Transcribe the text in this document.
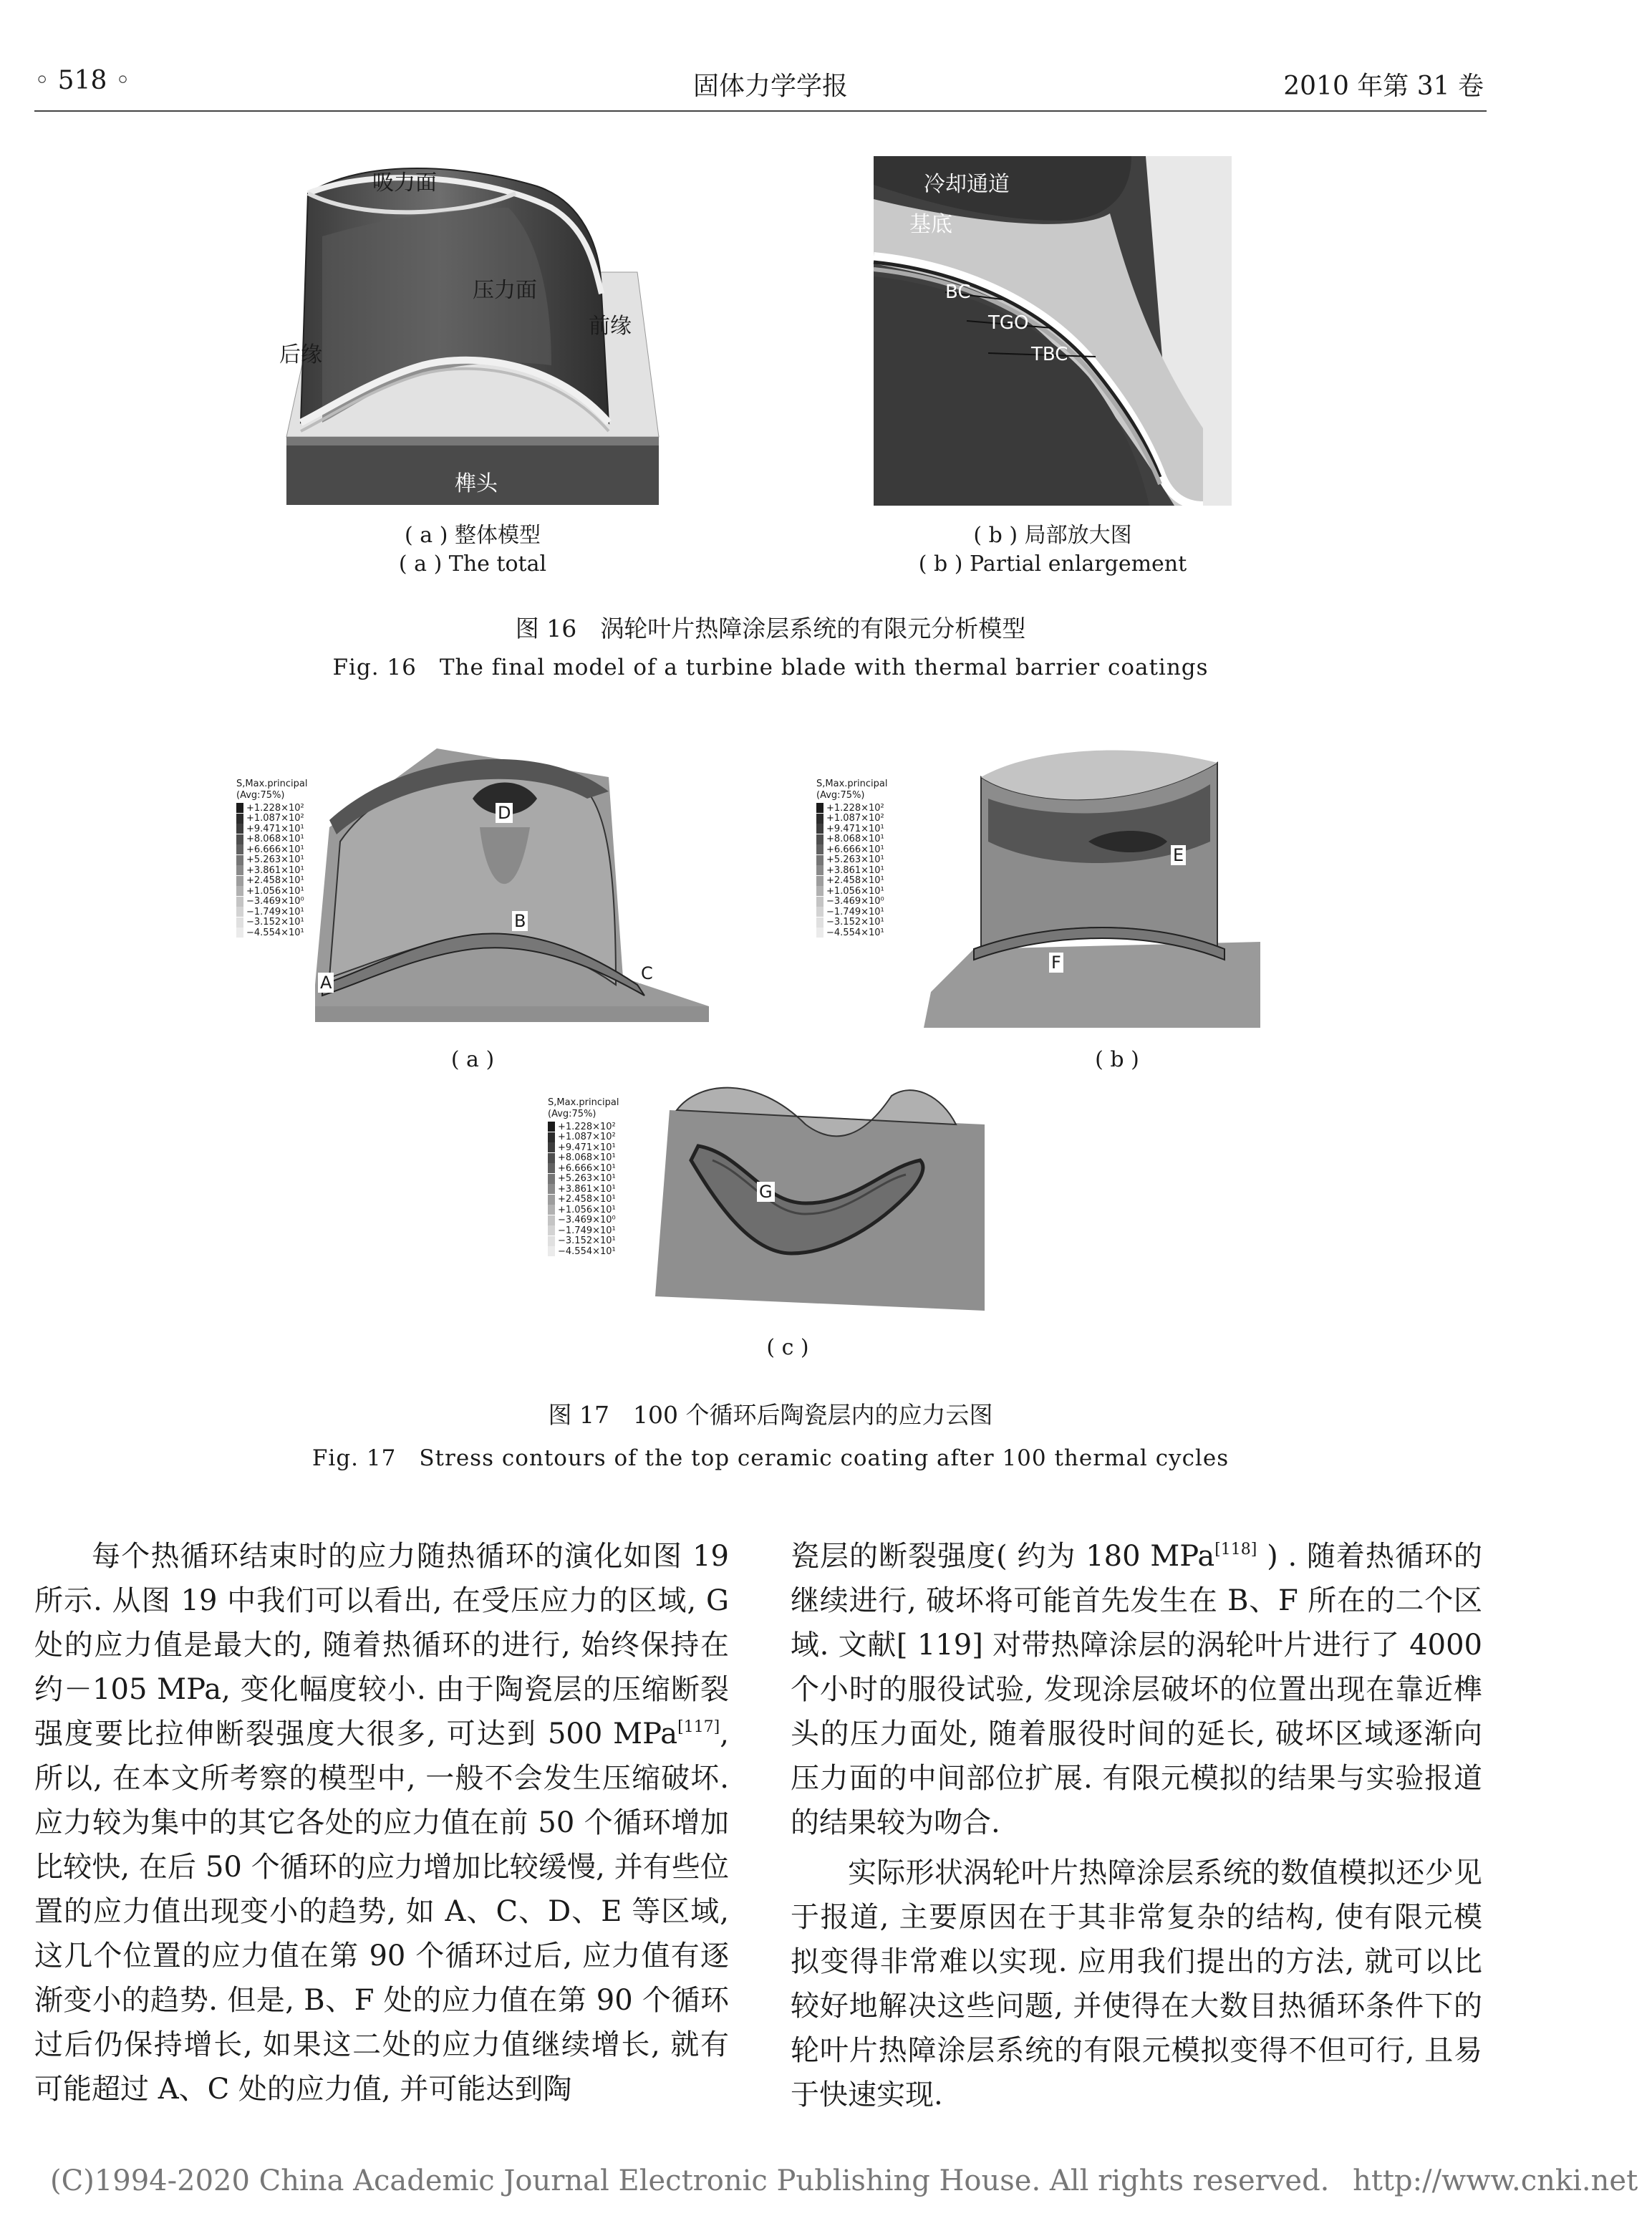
◦ 518 ◦	固体力学学报	2010 年第 31 卷
吸力面
压力面
前缘
后缘
榫头
( a ) 整体模型
( a ) The total
冷却通道
基底
BC
TGO
TBC
( b ) 局部放大图
( b ) Partial enlargement
图 16　涡轮叶片热障涂层系统的有限元分析模型
Fig. 16　The final model of a turbine blade with thermal barrier coatings
S,Max.principal
(Avg:75%)
+1.228×10²
+1.087×10²
+9.471×10¹
+8.068×10¹
+6.666×10¹
+5.263×10¹
+3.861×10¹
+2.458×10¹
+1.056×10¹
−3.469×10⁰
−1.749×10¹
−3.152×10¹
−4.554×10¹
D
B
A	C
( a )
S,Max.principal
(Avg:75%)
+1.228×10²
+1.087×10²
+9.471×10¹
+8.068×10¹
+6.666×10¹
+5.263×10¹
+3.861×10¹
+2.458×10¹
+1.056×10¹
−3.469×10⁰
−1.749×10¹
−3.152×10¹
−4.554×10¹
E
F
( b )
S,Max.principal
(Avg:75%)
+1.228×10²
+1.087×10²
+9.471×10¹
+8.068×10¹
+6.666×10¹
+5.263×10¹
+3.861×10¹
+2.458×10¹
+1.056×10¹
−3.469×10⁰
−1.749×10¹
−3.152×10¹
−4.554×10¹
G
( c )
图 17　100 个循环后陶瓷层内的应力云图
Fig. 17　Stress contours of the top ceramic coating after 100 thermal cycles

每个热循环结束时的应力随热循环的演化如图 19 所示. 从图 19 中我们可以看出, 在受压应力的区域, G 处的应力值是最大的, 随着热循环的进行, 始终保持在约－105 MPa, 变化幅度较小. 由于陶瓷层的压缩断裂强度要比拉伸断裂强度大很多, 可达到 500 MPa[117], 所以, 在本文所考察的模型中, 一般不会发生压缩破坏. 应力较为集中的其它各处的应力值在前 50 个循环增加比较快, 在后 50 个循环的应力增加比较缓慢, 并有些位置的应力值出现变小的趋势, 如 A、C、D、E 等区域, 这几个位置的应力值在第 90 个循环过后, 应力值有逐渐变小的趋势. 但是, B、F 处的应力值在第 90 个循环过后仍保持增长, 如果这二处的应力值继续增长, 就有可能超过 A、C 处的应力值, 并可能达到陶

瓷层的断裂强度( 约为 180 MPa[118] ) . 随着热循环的继续进行, 破坏将可能首先发生在 B、F 所在的二个区域. 文献[ 119] 对带热障涂层的涡轮叶片进行了 4000 个小时的服役试验, 发现涂层破坏的位置出现在靠近榫头的压力面处, 随着服役时间的延长, 破坏区域逐渐向压力面的中间部位扩展. 有限元模拟的结果与实验报道的结果较为吻合.

实际形状涡轮叶片热障涂层系统的数值模拟还少见于报道, 主要原因在于其非常复杂的结构, 使有限元模拟变得非常难以实现. 应用我们提出的方法, 就可以比较好地解决这些问题, 并使得在大数目热循环条件下的轮叶片热障涂层系统的有限元模拟变得不但可行, 且易于快速实现.

(C)1994-2020 China Academic Journal Electronic Publishing House. All rights reserved. http://www.cnki.net
